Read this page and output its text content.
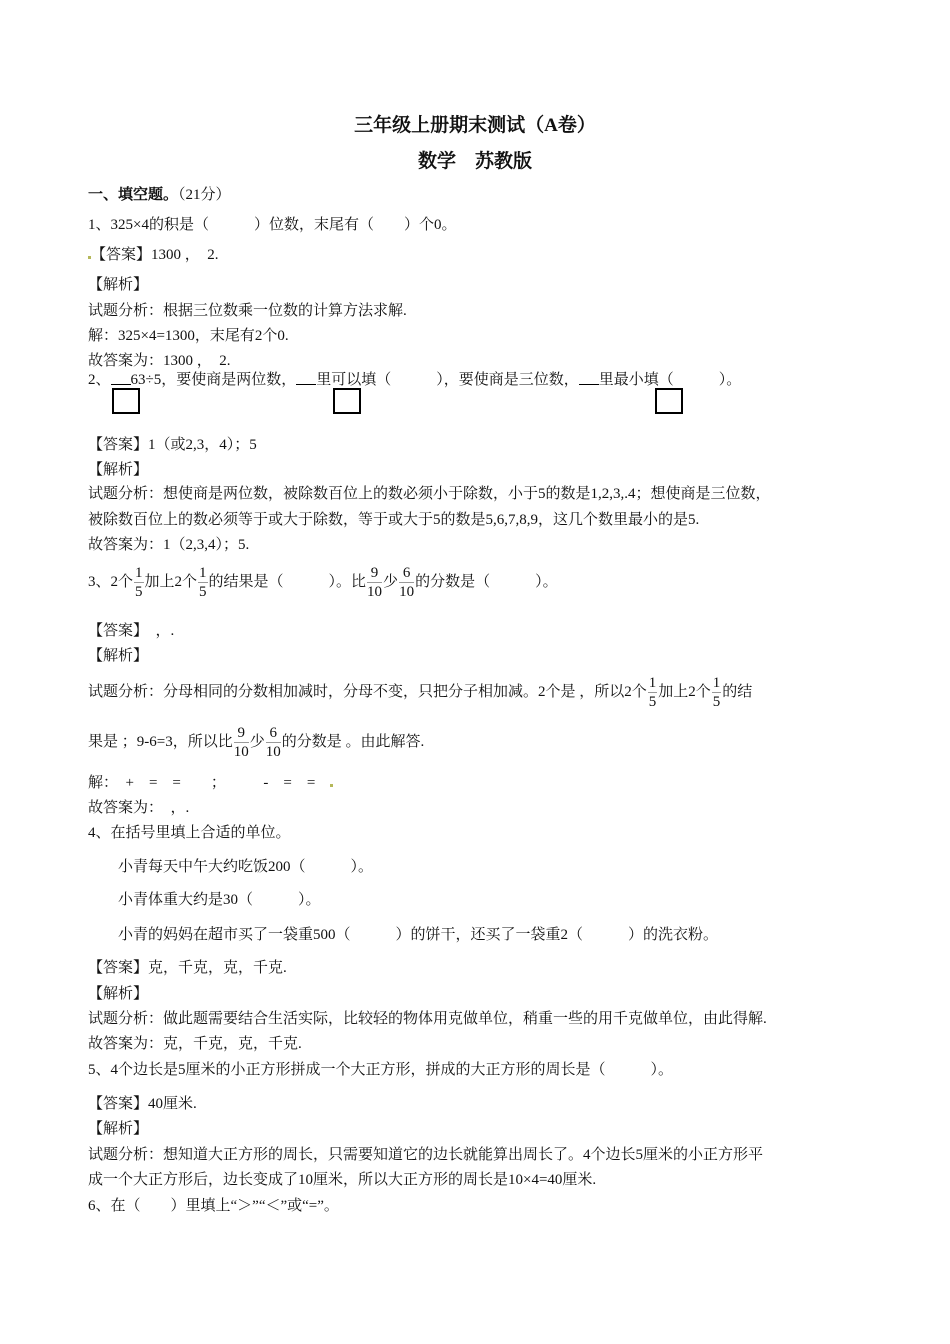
三年级上册期末测试（A卷）
数学　苏教版
一、填空题。（21分）
1、325×4的积是（　　　）位数，末尾有（　　）个0。
【答案】1300 ，　2.
【解析】
试题分析：根据三位数乘一位数的计算方法求解.
解：325×4=1300，末尾有2个0.
故答案为：1300 ，　2.
2、 63÷5，要使商是两位数， 里可以填（　　　），要使商是三位数， 里最小填（　　　）。
【答案】1（或2,3，4）；5
【解析】
试题分析：想使商是两位数，被除数百位上的数必须小于除数，小于5的数是1,2,3,.4；想使商是三位数，
被除数百位上的数必须等于或大于除数，等于或大于5的数是5,6,7,8,9，这几个数里最小的是5.
故答案为：1（2,3,4）；5.
3、2个 $\frac{1}{5}$ 加上2个 $\frac{1}{5}$ 的结果是（　　　）。比 $\frac{9}{10}$ 少 $\frac{6}{10}$ 的分数是（　　　）。
【答案】　，.
【解析】
试题分析：分母相同的分数相加减时，分母不变，只把分子相加减。2个是 ，所以2个 $\frac{1}{5}$ 加上2个 $\frac{1}{5}$ 的结
果是 ；9-6=3，所以比 $\frac{9}{10}$ 少 $\frac{6}{10}$ 的分数是 。由此解答.
解：　+　=　=　　；　　　-　=　=　
故答案为：　，.
4、在括号里填上合适的单位。
小青每天中午大约吃饭200（　　　）。
小青体重大约是30（　　　）。
小青的妈妈在超市买了一袋重500（　　　）的饼干，还买了一袋重2（　　　）的洗衣粉。
【答案】克，千克，克，千克.
【解析】
试题分析：做此题需要结合生活实际，比较轻的物体用克做单位，稍重一些的用千克做单位，由此得解.
故答案为：克，千克，克，千克.
5、4个边长是5厘米的小正方形拼成一个大正方形，拼成的大正方形的周长是（　　　）。
【答案】40厘米.
【解析】
试题分析：想知道大正方形的周长，只需要知道它的边长就能算出周长了。4个边长5厘米的小正方形平
成一个大正方形后，边长变成了10厘米，所以大正方形的周长是10×4=40厘米.
6、在（　　）里填上“＞”“＜”或“=”。
